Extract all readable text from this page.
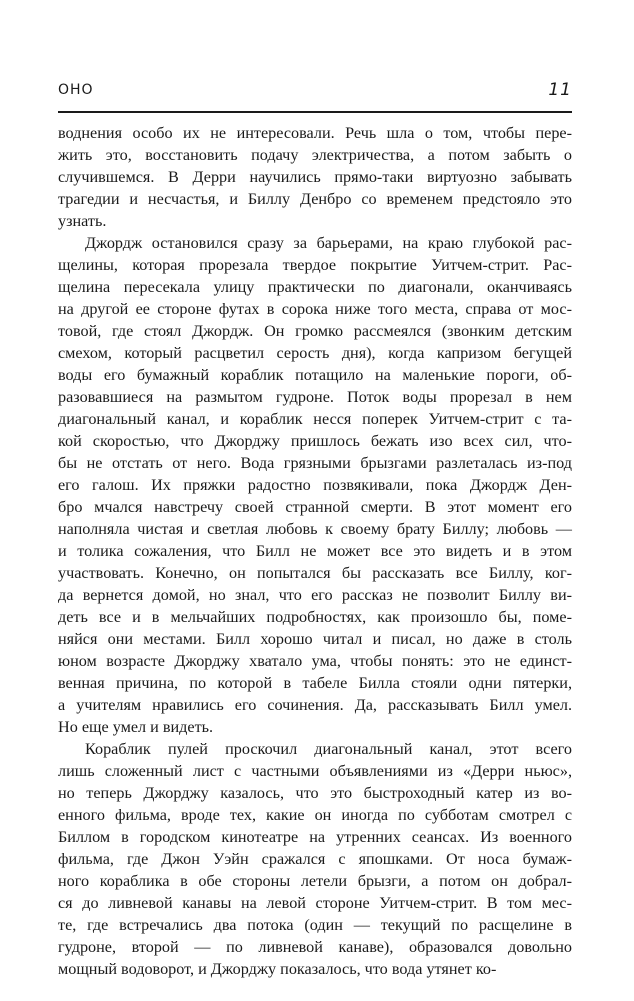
ОНО	11
воднения особо их не интересовали. Речь шла о том, чтобы пере-
жить это, восстановить подачу электричества, а потом забыть о
случившемся. В Дерри научились прямо-таки виртуозно забывать
трагедии и несчастья, и Биллу Денбро со временем предстояло это
узнать.
Джордж остановился сразу за барьерами, на краю глубокой рас-
щелины, которая прорезала твердое покрытие Уитчем-стрит. Рас-
щелина пересекала улицу практически по диагонали, оканчиваясь
на другой ее стороне футах в сорока ниже того места, справа от мос-
товой, где стоял Джордж. Он громко рассмеялся (звонким детским
смехом, который расцветил серость дня), когда капризом бегущей
воды его бумажный кораблик потащило на маленькие пороги, об-
разовавшиеся на размытом гудроне. Поток воды прорезал в нем
диагональный канал, и кораблик несся поперек Уитчем-стрит с та-
кой скоростью, что Джорджу пришлось бежать изо всех сил, что-
бы не отстать от него. Вода грязными брызгами разлеталась из-под
его галош. Их пряжки радостно позвякивали, пока Джордж Ден-
бро мчался навстречу своей странной смерти. В этот момент его
наполняла чистая и светлая любовь к своему брату Биллу; любовь —
и толика сожаления, что Билл не может все это видеть и в этом
участвовать. Конечно, он попытался бы рассказать все Биллу, ког-
да вернется домой, но знал, что его рассказ не позволит Биллу ви-
деть все и в мельчайших подробностях, как произошло бы, поме-
няйся они местами. Билл хорошо читал и писал, но даже в столь
юном возрасте Джорджу хватало ума, чтобы понять: это не единст-
венная причина, по которой в табеле Билла стояли одни пятерки,
а учителям нравились его сочинения. Да, рассказывать Билл умел.
Но еще умел и видеть.
Кораблик пулей проскочил диагональный канал, этот всего
лишь сложенный лист с частными объявлениями из «Дерри ньюс»,
но теперь Джорджу казалось, что это быстроходный катер из во-
енного фильма, вроде тех, какие он иногда по субботам смотрел с
Биллом в городском кинотеатре на утренних сеансах. Из военного
фильма, где Джон Уэйн сражался с япошками. От носа бумаж-
ного кораблика в обе стороны летели брызги, а потом он добрал-
ся до ливневой канавы на левой стороне Уитчем-стрит. В том мес-
те, где встречались два потока (один — текущий по расщелине в
гудроне, второй — по ливневой канаве), образовался довольно
мощный водоворот, и Джорджу показалось, что вода утянет ко-
